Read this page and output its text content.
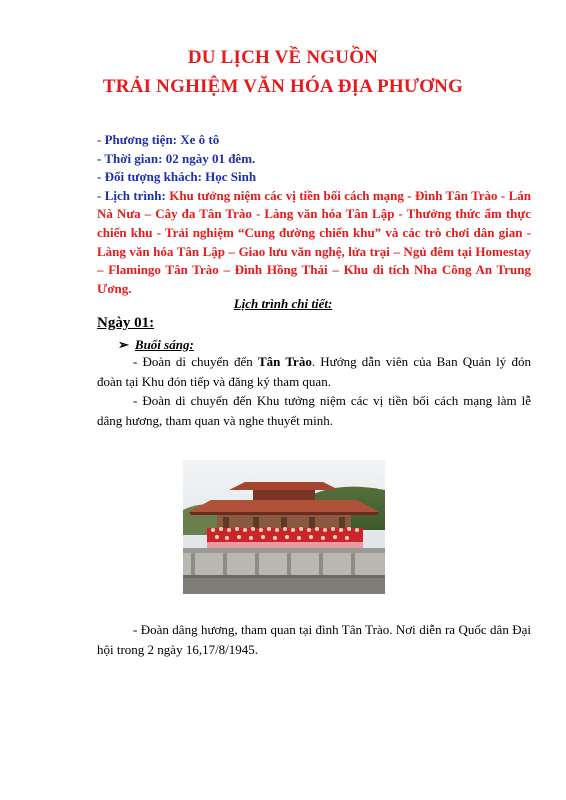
DU LỊCH VỀ NGUỒN
TRẢI NGHIỆM VĂN HÓA ĐỊA PHƯƠNG
- Phương tiện: Xe ô tô
- Thời gian: 02 ngày 01 đêm.
- Đối tượng khách: Học Sinh
- Lịch trình: Khu tưởng niệm các vị tiền bối cách mạng - Đình Tân Trào - Lán Nà Nưa – Cây đa Tân Trào - Làng văn hóa Tân Lập - Thưởng thức ẩm thực chiến khu - Trải nghiệm “Cung đường chiến khu” và các trò chơi dân gian - Làng văn hóa Tân Lập – Giao lưu văn nghệ, lửa trại – Ngủ đêm tại Homestay – Flamingo Tân Trào – Đình Hồng Thái – Khu di tích Nha Công An Trung Ương.
Lịch trình chi tiết:
Ngày 01:
➢ Buổi sáng:
- Đoàn di chuyển đến Tân Trào. Hướng dẫn viên của Ban Quản lý đón đoàn tại Khu đón tiếp và đăng ký tham quan.
- Đoàn di chuyển đến Khu tưởng niệm các vị tiền bối cách mạng làm lễ dâng hương, tham quan và nghe thuyết minh.
- Đoàn dâng hương, tham quan tại đình Tân Trào. Nơi diễn ra Quốc dân Đại hội trong 2 ngày 16,17/8/1945.
